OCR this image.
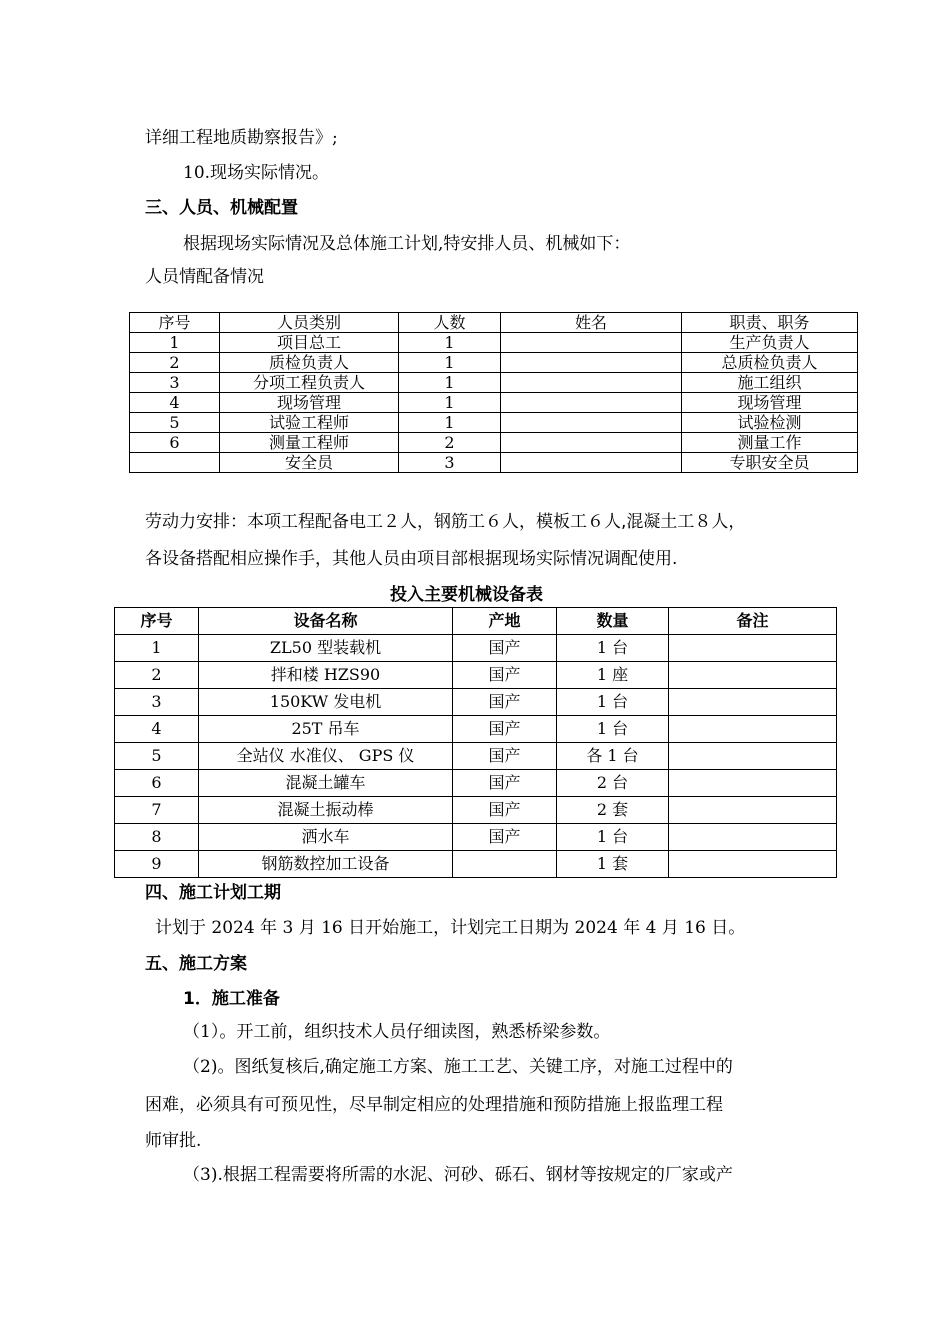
详细工程地质勘察报告》;
10.现场实际情况。
三、人员、机械配置
根据现场实际情况及总体施工计划,特安排人员、机械如下：
人员情配备情况
序号	人员类别	人数	姓名	职责、职务
1	项目总工	1		生产负责人
2	质检负责人	1		总质检负责人
3	分项工程负责人	1		施工组织
4	现场管理	1		现场管理
5	试验工程师	1		试验检测
6	测量工程师	2		测量工作
	安全员	3		专职安全员
劳动力安排：本项工程配备电工２人，钢筋工６人，模板工６人,混凝土工８人，
各设备搭配相应操作手，其他人员由项目部根据现场实际情况调配使用.
投入主要机械设备表
序号	设备名称	产地	数量	备注
1	ZL50 型装载机	国产	1 台	
2	拌和楼 HZS90	国产	1 座	
3	150KW 发电机	国产	1 台	
4	25T 吊车	国产	1 台	
5	全站仪 水准仪、 GPS 仪	国产	各 1 台	
6	混凝土罐车	国产	2 台	
7	混凝土振动棒	国产	2 套	
8	洒水车	国产	1 台	
9	钢筋数控加工设备		1 套	
四、施工计划工期
计划于 2024 年 3 月 16 日开始施工，计划完工日期为 2024 年 4 月 16 日。
五、施工方案
1．施工准备
（1）。开工前，组织技术人员仔细读图，熟悉桥梁参数。
（2)。图纸复核后,确定施工方案、施工工艺、关键工序，对施工过程中的
困难，必须具有可预见性，尽早制定相应的处理措施和预防措施上报监理工程
师审批.
（3).根据工程需要将所需的水泥、河砂、砾石、钢材等按规定的厂家或产
